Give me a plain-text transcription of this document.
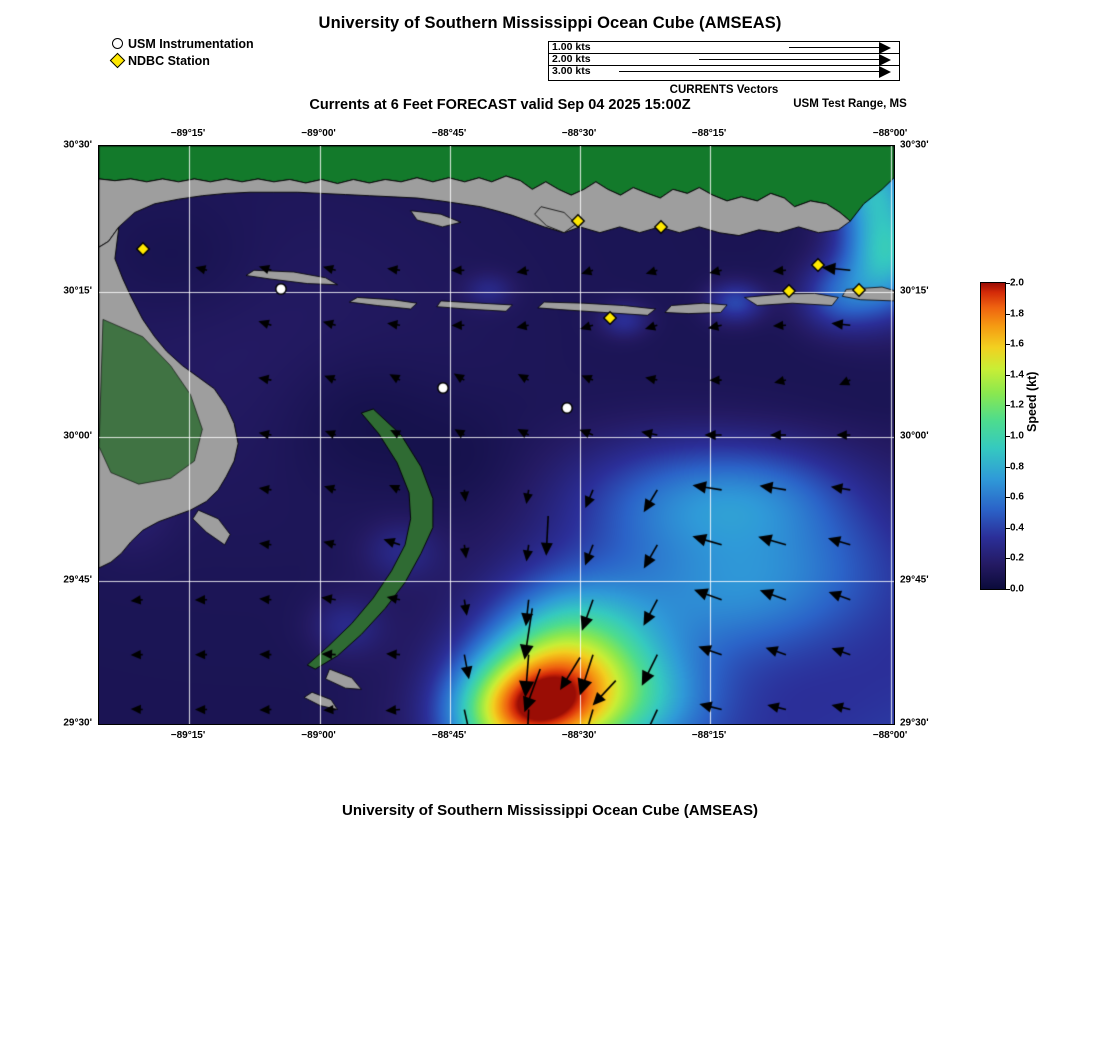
University of Southern Mississippi Ocean Cube (AMSEAS)
Currents at 6 Feet FORECAST valid Sep 04 2025 15:00Z	USM Test Range, MS
University of Southern Mississippi Ocean Cube (AMSEAS)
USM Instrumentation
NDBC Station
1.00 kts
2.00 kts
3.00 kts
CURRENTS Vectors
−89°15'
−89°15'
−89°00'
−89°00'
−88°45'
−88°45'
−88°30'
−88°30'
−88°15'
−88°15'
−88°00'
−88°00'
30°30'	30°30'
30°15'	30°15'
30°00'	30°00'
29°45'	29°45'
29°30'	29°30'
0.0
0.2
0.4
0.6
0.8
1.0
1.2
1.4
1.6
1.8
2.0
Speed (kt)
